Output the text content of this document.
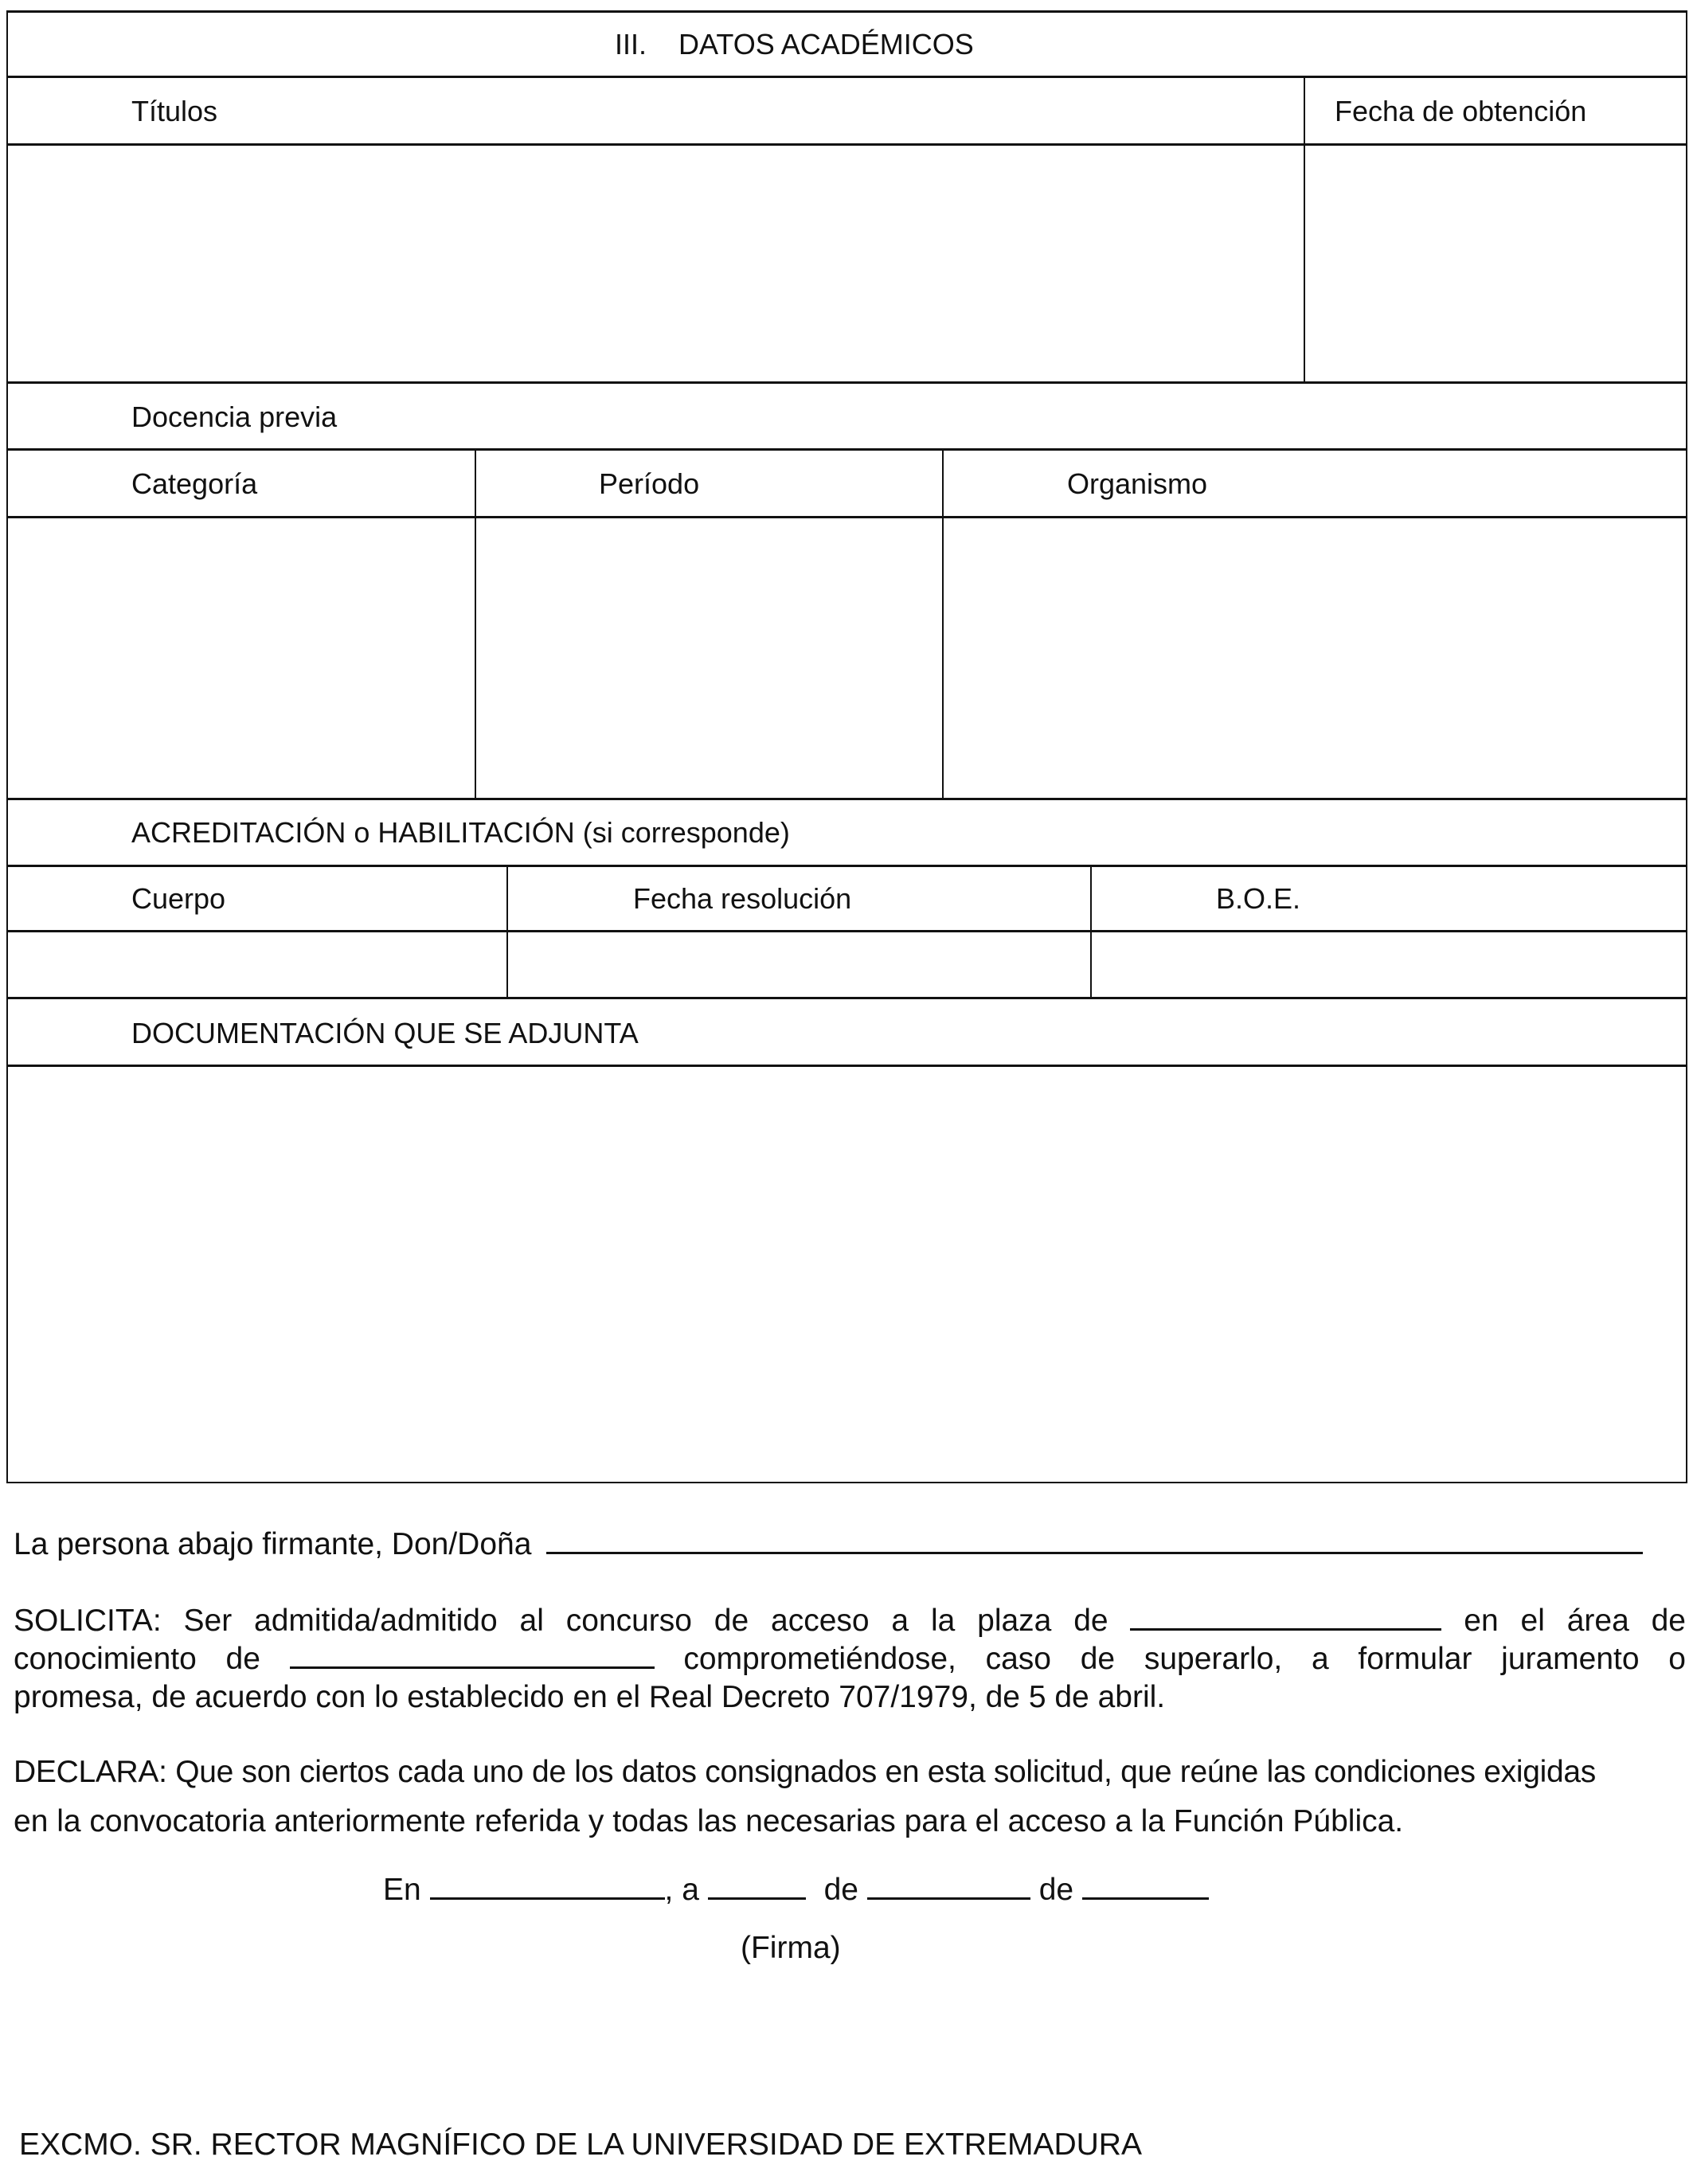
III.    DATOS ACADÉMICOS
Títulos	Fecha de obtención
Docencia previa
Categoría	Período	Organismo
ACREDITACIÓN o HABILITACIÓN (si corresponde)
Cuerpo	Fecha resolución	B.O.E.
DOCUMENTACIÓN QUE SE ADJUNTA
La persona abajo firmante, Don/Doña
SOLICITA: Ser admitida/admitido al concurso de acceso a la plaza de	en el área de
conocimiento de	comprometiéndose, caso de superarlo, a formular juramento o
promesa, de acuerdo con lo establecido en el Real Decreto 707/1979, de 5 de abril.
DECLARA: Que son ciertos cada uno de los datos consignados en esta solicitud, que reúne las condiciones exigidas
en la convocatoria anteriormente referida y todas las necesarias para el acceso a la Función Pública.
En	, a	de	de
(Firma)
EXCMO. SR. RECTOR MAGNÍFICO DE LA UNIVERSIDAD DE EXTREMADURA
